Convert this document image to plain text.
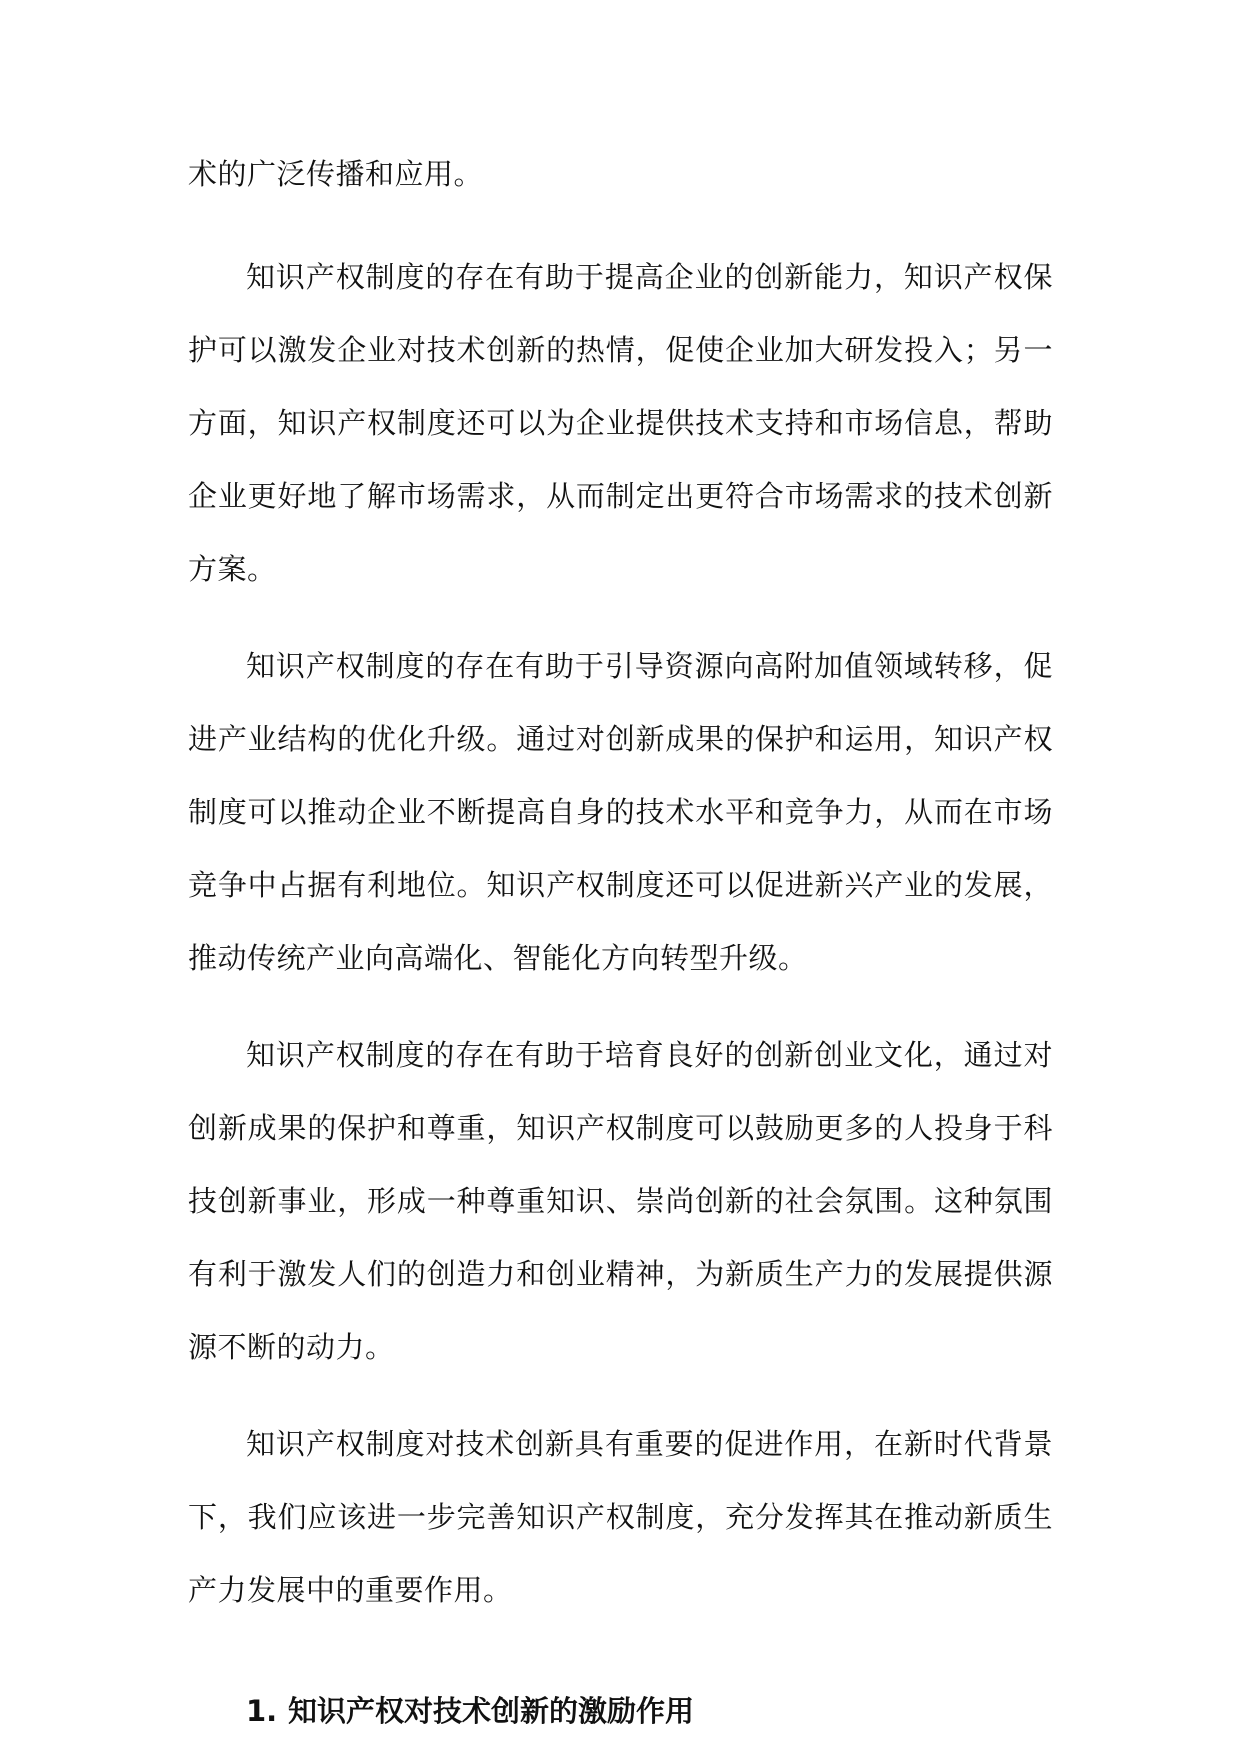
术的广泛传播和应用。

知识产权制度的存在有助于提高企业的创新能力，知识产权保护可以激发企业对技术创新的热情，促使企业加大研发投入；另一方面，知识产权制度还可以为企业提供技术支持和市场信息，帮助企业更好地了解市场需求，从而制定出更符合市场需求的技术创新方案。

知识产权制度的存在有助于引导资源向高附加值领域转移，促进产业结构的优化升级。通过对创新成果的保护和运用，知识产权制度可以推动企业不断提高自身的技术水平和竞争力，从而在市场竞争中占据有利地位。知识产权制度还可以促进新兴产业的发展，推动传统产业向高端化、智能化方向转型升级。

知识产权制度的存在有助于培育良好的创新创业文化，通过对创新成果的保护和尊重，知识产权制度可以鼓励更多的人投身于科技创新事业，形成一种尊重知识、崇尚创新的社会氛围。这种氛围有利于激发人们的创造力和创业精神，为新质生产力的发展提供源源不断的动力。

知识产权制度对技术创新具有重要的促进作用，在新时代背景下，我们应该进一步完善知识产权制度，充分发挥其在推动新质生产力发展中的重要作用。

1. 知识产权对技术创新的激励作用
